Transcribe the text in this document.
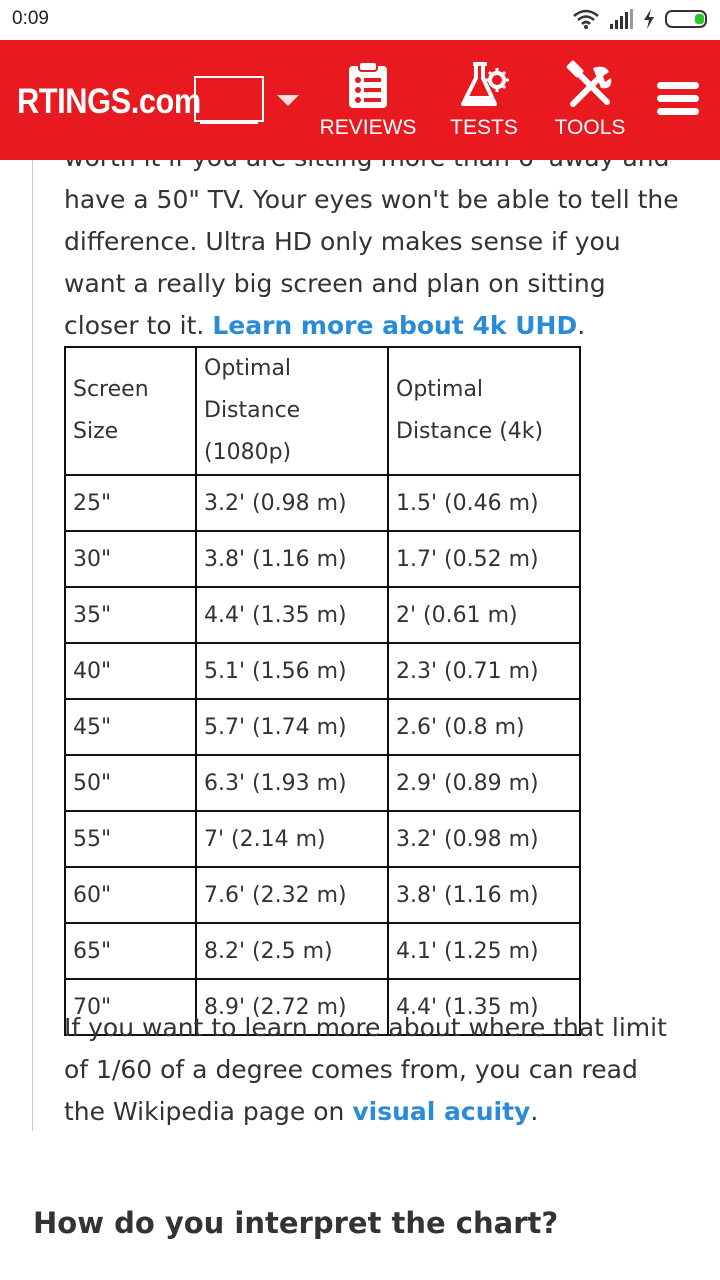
have a 50" TV. Your eyes won't be able to tell the difference. Ultra HD only makes sense if you want a really big screen and plan on sitting closer to it. Learn more about 4k UHD.

Screen Size	Optimal Distance (1080p)	Optimal Distance (4k)
25"	3.2' (0.98 m)	1.5' (0.46 m)
30"	3.8' (1.16 m)	1.7' (0.52 m)
35"	4.4' (1.35 m)	2' (0.61 m)
40"	5.1' (1.56 m)	2.3' (0.71 m)
45"	5.7' (1.74 m)	2.6' (0.8 m)
50"	6.3' (1.93 m)	2.9' (0.89 m)
55"	7' (2.14 m)	3.2' (0.98 m)
60"	7.6' (2.32 m)	3.8' (1.16 m)
65"	8.2' (2.5 m)	4.1' (1.25 m)
70"	8.9' (2.72 m)	4.4' (1.35 m)

If you want to learn more about where that limit of 1/60 of a degree comes from, you can read the Wikipedia page on visual acuity.

How do you interpret the chart?
0:09
RTINGS.com
REVIEWS TESTS TOOLS
